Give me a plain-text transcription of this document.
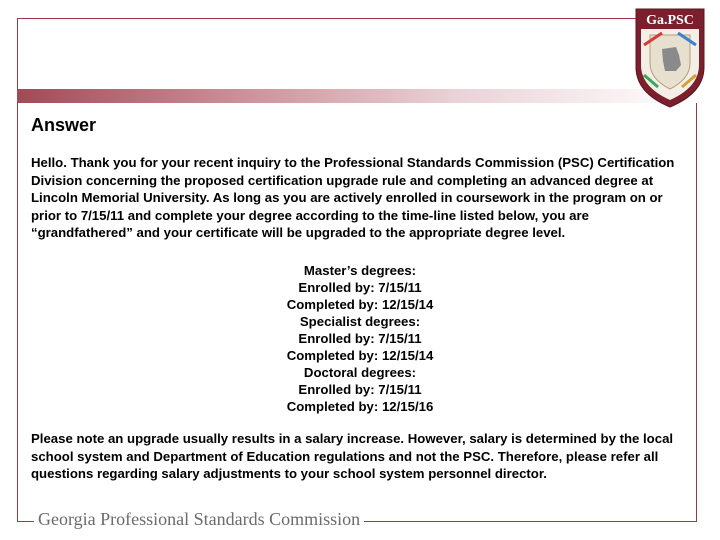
Ga.PSC
Answer
Hello. Thank you for your recent inquiry to the Professional Standards Commission (PSC) Certification Division concerning the proposed certification upgrade rule and completing an advanced degree at Lincoln Memorial University. As long as you are actively enrolled in coursework in the program on or prior to 7/15/11 and complete your degree according to the time-line listed below, you are “grandfathered” and your certificate will be upgraded to the appropriate degree level.
Master’s degrees:
Enrolled by: 7/15/11
Completed by: 12/15/14
Specialist degrees:
Enrolled by: 7/15/11
Completed by: 12/15/14
Doctoral degrees:
Enrolled by: 7/15/11
Completed by: 12/15/16
Please note an upgrade usually results in a salary increase. However, salary is determined by the local school system and Department of Education regulations and not the PSC. Therefore, please refer all questions regarding salary adjustments to your school system personnel director.
Georgia Professional Standards Commission
